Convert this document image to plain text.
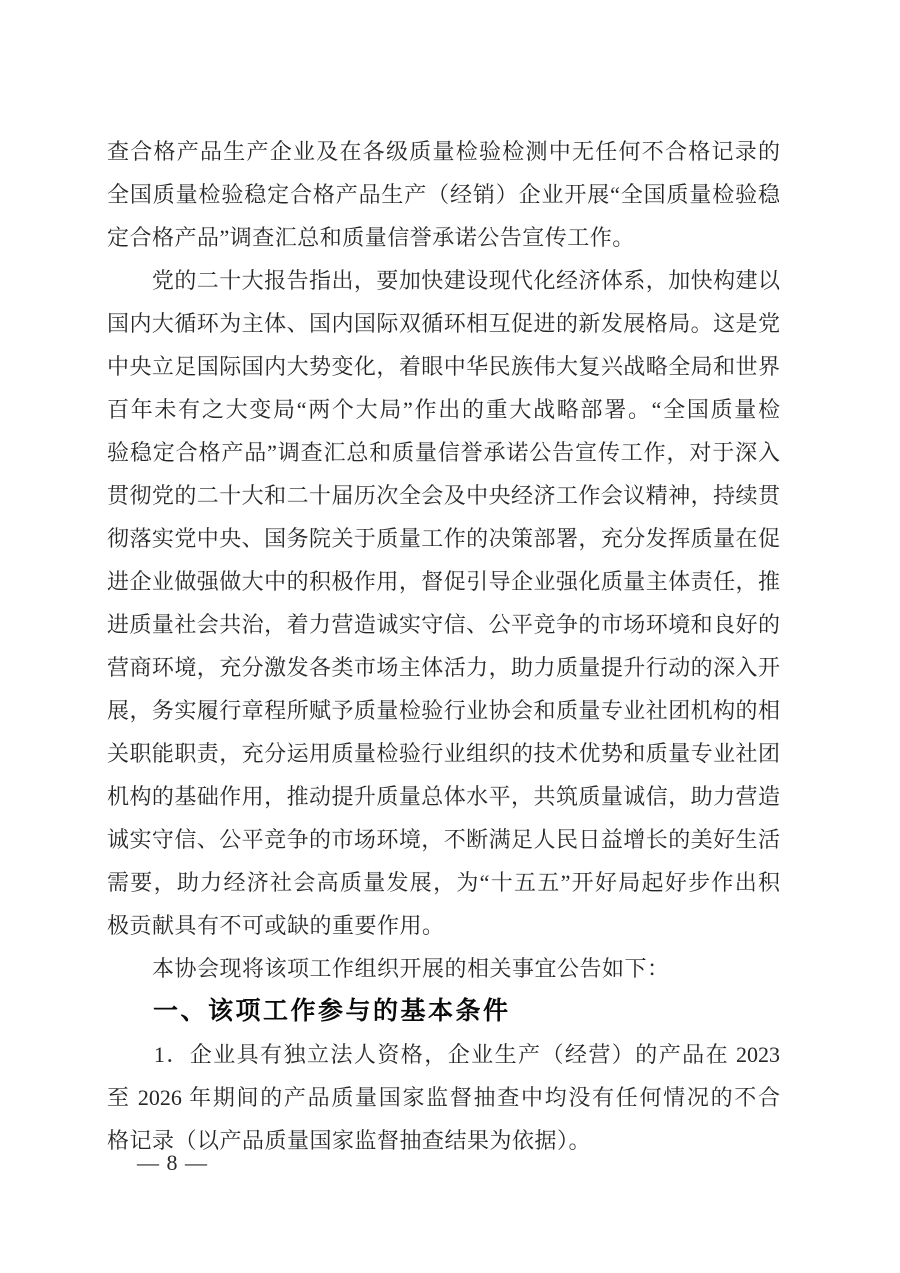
查合格产品生产企业及在各级质量检验检测中无任何不合格记录的
全国质量检验稳定合格产品生产（经销）企业开展“全国质量检验稳
定合格产品”调查汇总和质量信誉承诺公告宣传工作。
　　党的二十大报告指出，要加快建设现代化经济体系，加快构建以
国内大循环为主体、国内国际双循环相互促进的新发展格局。这是党
中央立足国际国内大势变化，着眼中华民族伟大复兴战略全局和世界
百年未有之大变局“两个大局”作出的重大战略部署。“全国质量检
验稳定合格产品”调查汇总和质量信誉承诺公告宣传工作，对于深入
贯彻党的二十大和二十届历次全会及中央经济工作会议精神，持续贯
彻落实党中央、国务院关于质量工作的决策部署，充分发挥质量在促
进企业做强做大中的积极作用，督促引导企业强化质量主体责任，推
进质量社会共治，着力营造诚实守信、公平竞争的市场环境和良好的
营商环境，充分激发各类市场主体活力，助力质量提升行动的深入开
展，务实履行章程所赋予质量检验行业协会和质量专业社团机构的相
关职能职责，充分运用质量检验行业组织的技术优势和质量专业社团
机构的基础作用，推动提升质量总体水平，共筑质量诚信，助力营造
诚实守信、公平竞争的市场环境，不断满足人民日益增长的美好生活
需要，助力经济社会高质量发展，为“十五五”开好局起好步作出积
极贡献具有不可或缺的重要作用。
　　本协会现将该项工作组织开展的相关事宜公告如下：
一、该项工作参与的基本条件
　　1．企业具有独立法人资格，企业生产（经营）的产品在 2023
至 2026 年期间的产品质量国家监督抽查中均没有任何情况的不合
格记录（以产品质量国家监督抽查结果为依据）。
— 8 —
